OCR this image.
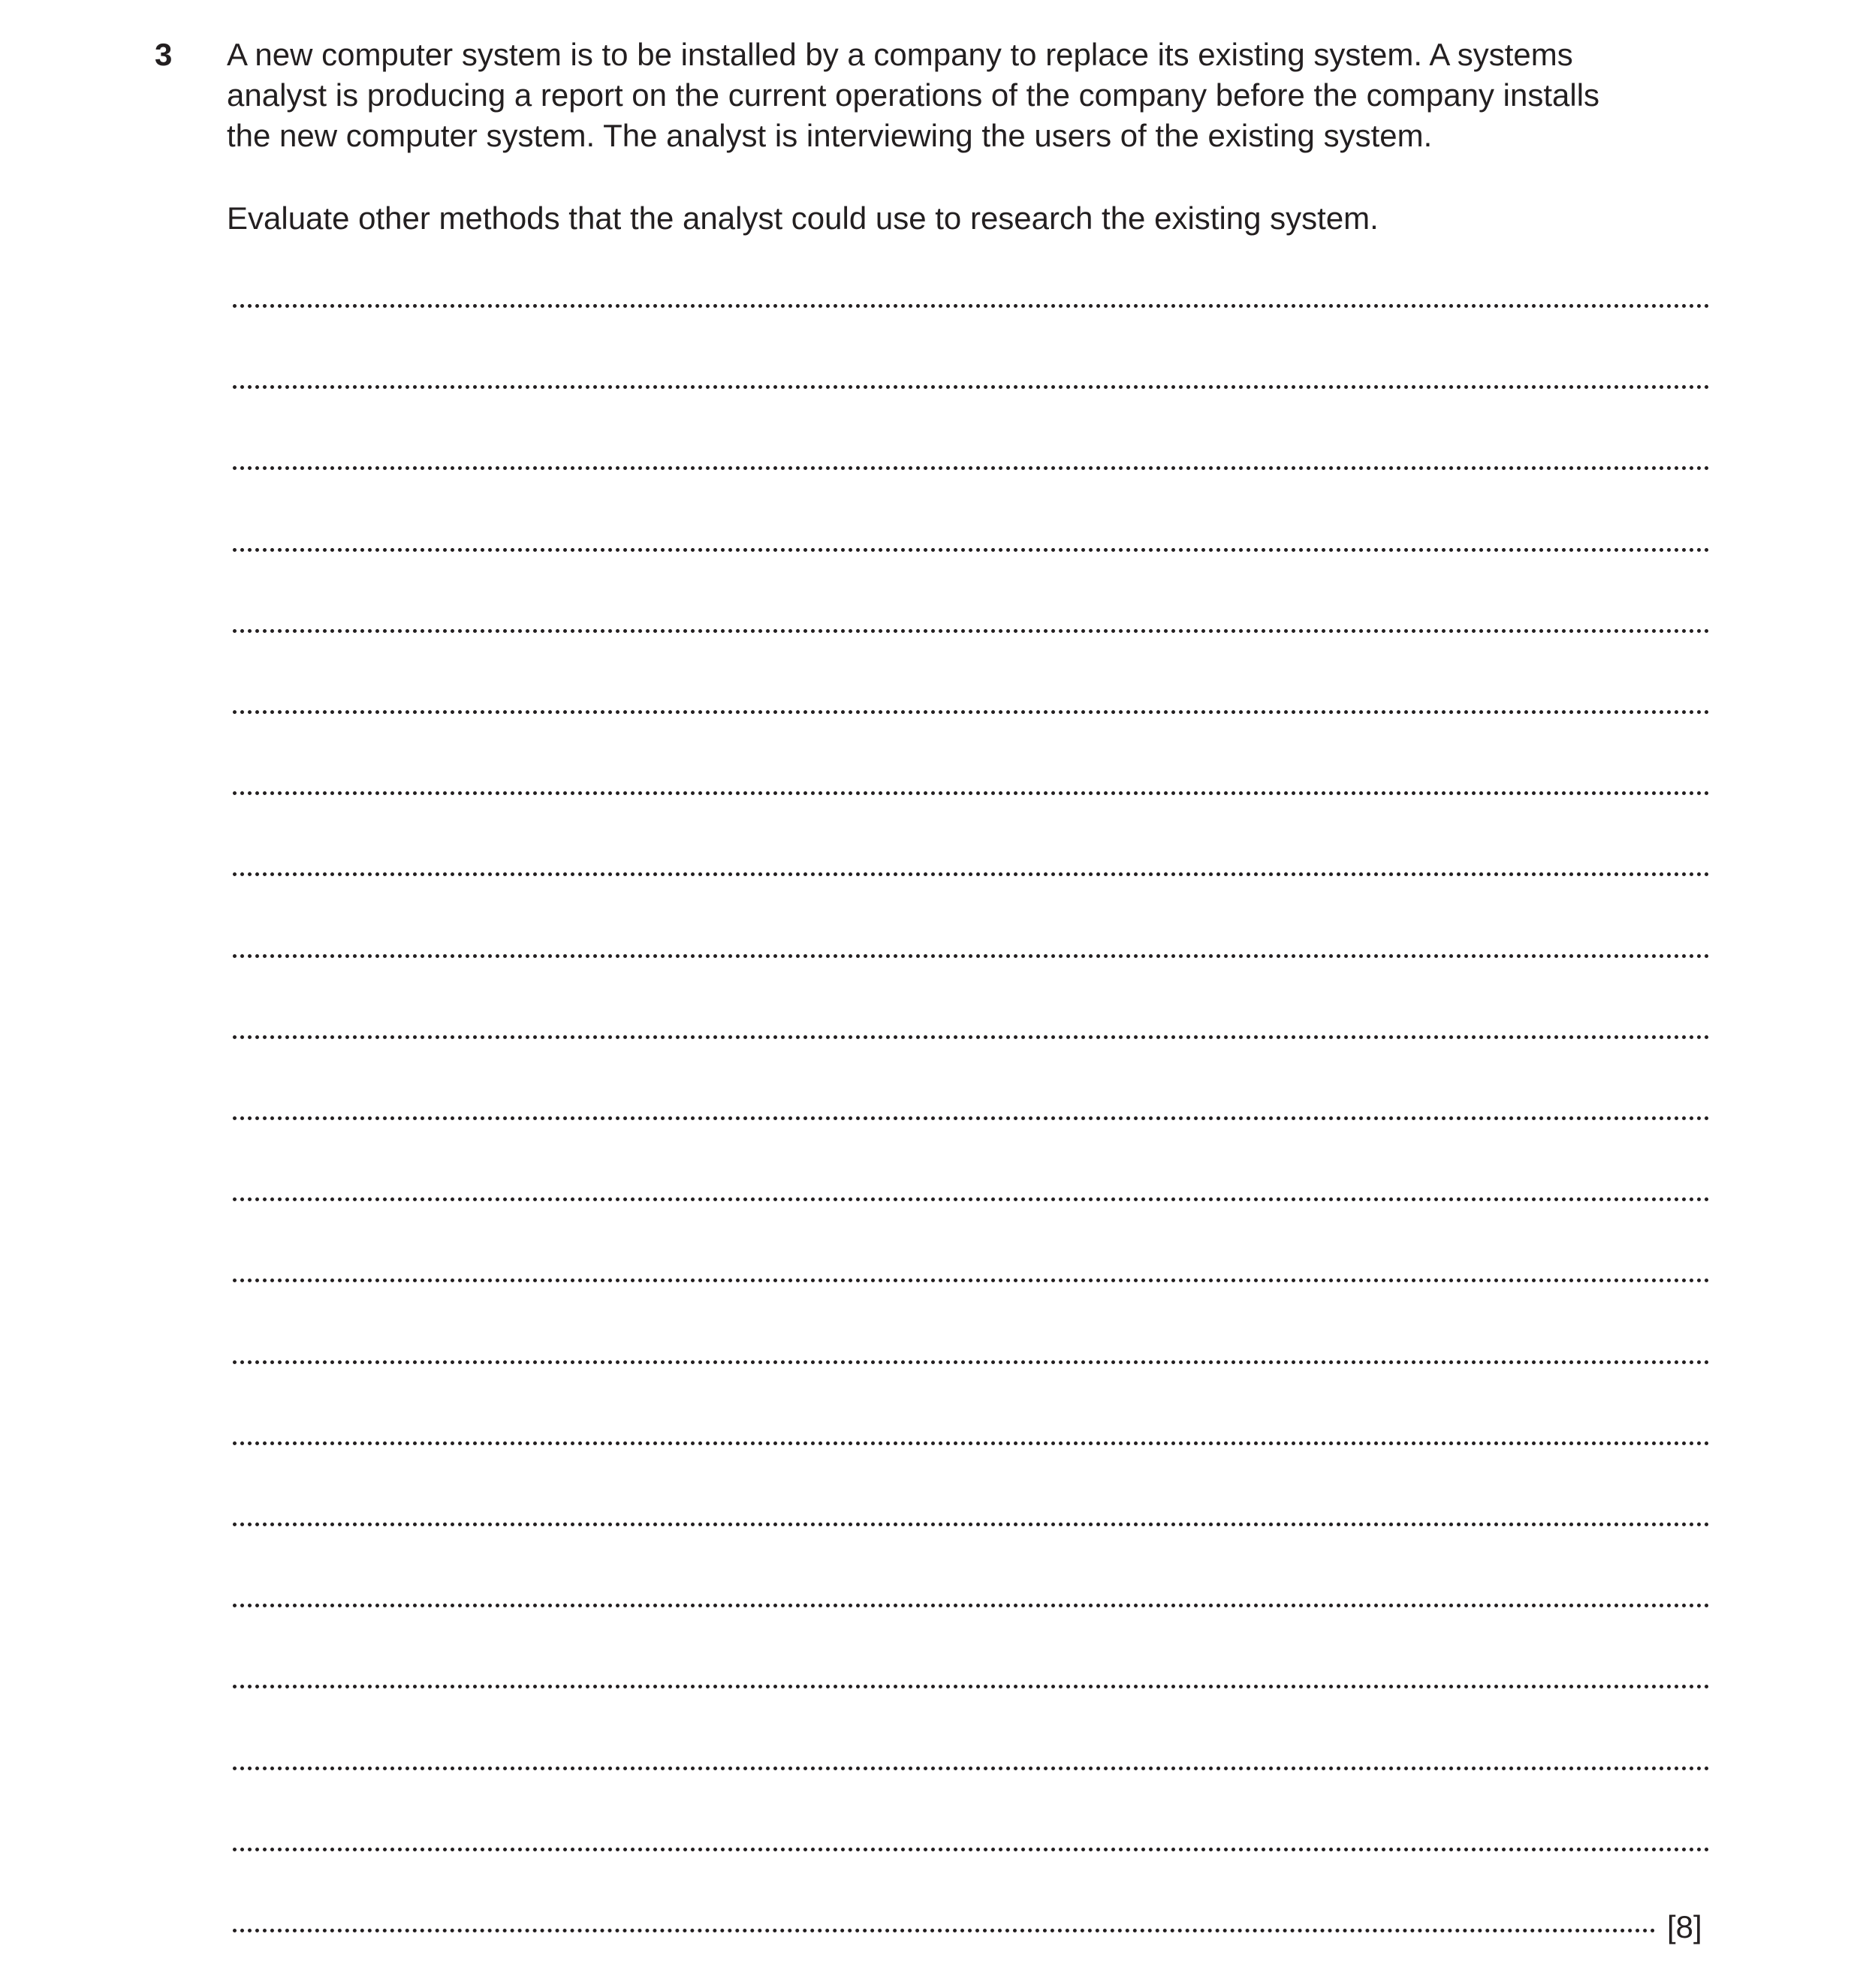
3 A new computer system is to be installed by a company to replace its existing system. A systems
analyst is producing a report on the current operations of the company before the company installs
the new computer system. The analyst is interviewing the users of the existing system.
Evaluate other methods that the analyst could use to research the existing system.
[8]
